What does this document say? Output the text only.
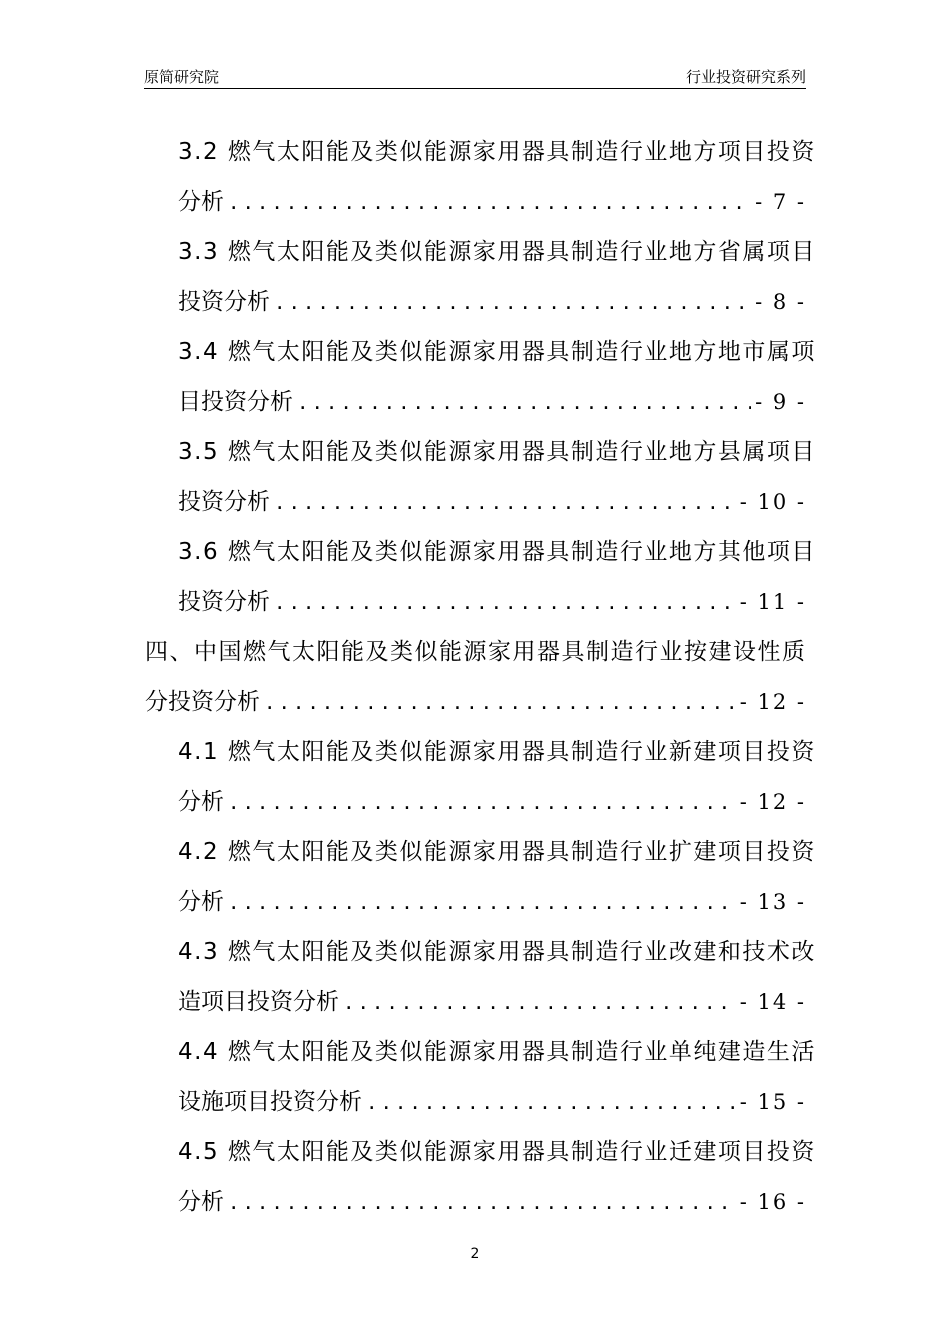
原简研究院	行业投资研究系列
3.2 燃气太阳能及类似能源家用器具制造行业地方项目投资
分析 .....	- 7 -
3.3 燃气太阳能及类似能源家用器具制造行业地方省属项目
投资分析 .....	- 8 -
3.4 燃气太阳能及类似能源家用器具制造行业地方地市属项
目投资分析 .....	- 9 -
3.5 燃气太阳能及类似能源家用器具制造行业地方县属项目
投资分析 .....	- 10 -
3.6 燃气太阳能及类似能源家用器具制造行业地方其他项目
投资分析 .....	- 11 -
四、中国燃气太阳能及类似能源家用器具制造行业按建设性质
分投资分析 .....	- 12 -
4.1 燃气太阳能及类似能源家用器具制造行业新建项目投资
分析 .....	- 12 -
4.2 燃气太阳能及类似能源家用器具制造行业扩建项目投资
分析 .....	- 13 -
4.3 燃气太阳能及类似能源家用器具制造行业改建和技术改
造项目投资分析 .....	- 14 -
4.4 燃气太阳能及类似能源家用器具制造行业单纯建造生活
设施项目投资分析 .....	- 15 -
4.5 燃气太阳能及类似能源家用器具制造行业迁建项目投资
分析 .....	- 16 -
2
